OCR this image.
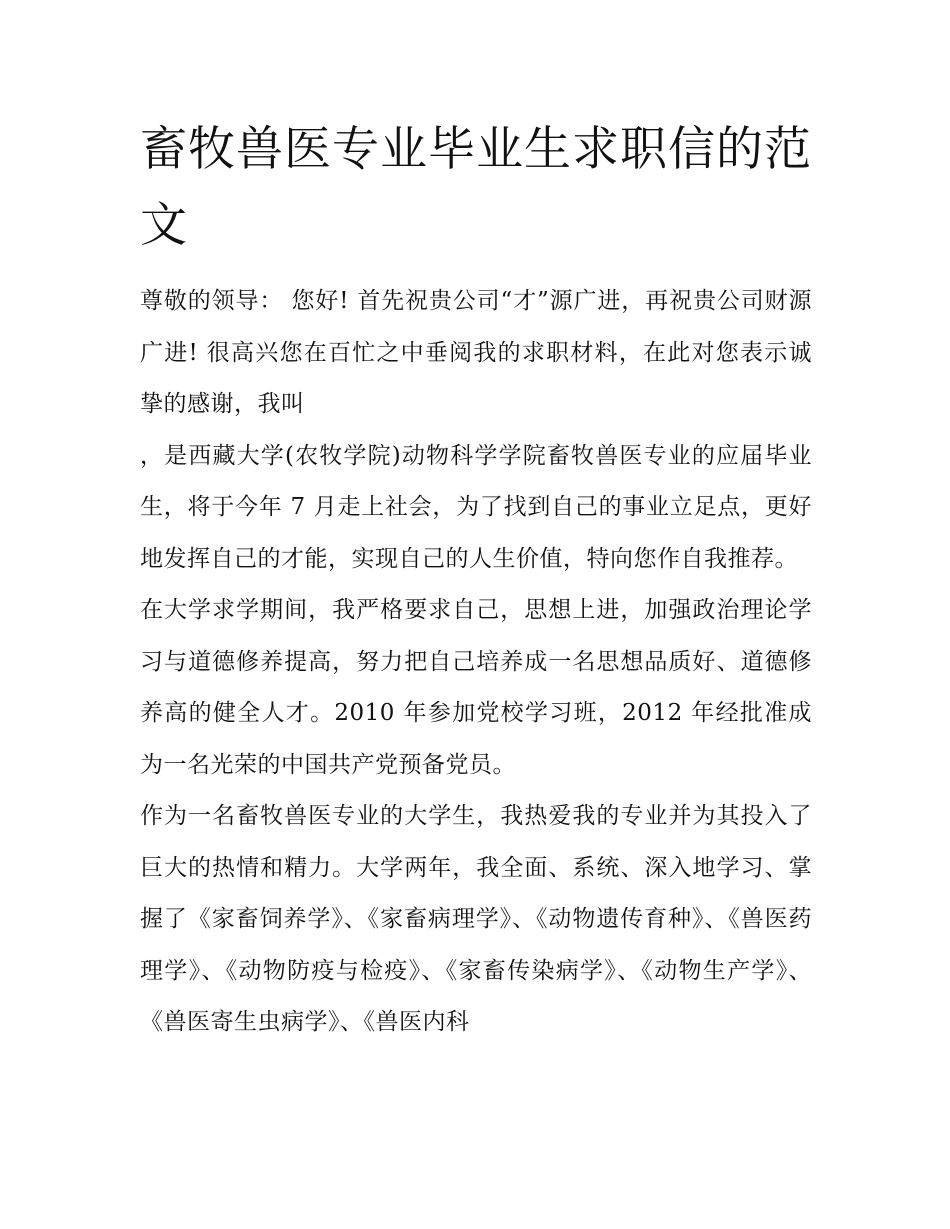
畜牧兽医专业毕业生求职信的范文

尊敬的领导： 您好! 首先祝贵公司“才”源广进，再祝贵公司财源广进! 很高兴您在百忙之中垂阅我的求职材料，在此对您表示诚挚的感谢，我叫

，是西藏大学(农牧学院)动物科学学院畜牧兽医专业的应届毕业生，将于今年 7 月走上社会，为了找到自己的事业立足点，更好地发挥自己的才能，实现自己的人生价值，特向您作自我推荐。

在大学求学期间，我严格要求自己，思想上进，加强政治理论学习与道德修养提高，努力把自己培养成一名思想品质好、道德修养高的健全人才。2010 年参加党校学习班，2012 年经批准成为一名光荣的中国共产党预备党员。

作为一名畜牧兽医专业的大学生，我热爱我的专业并为其投入了巨大的热情和精力。大学两年，我全面、系统、深入地学习、掌握了《家畜饲养学》、《家畜病理学》、《动物遗传育种》、《兽医药理学》、《动物防疫与检疫》、《家畜传染病学》、《动物生产学》、《兽医寄生虫病学》、《兽医内科
